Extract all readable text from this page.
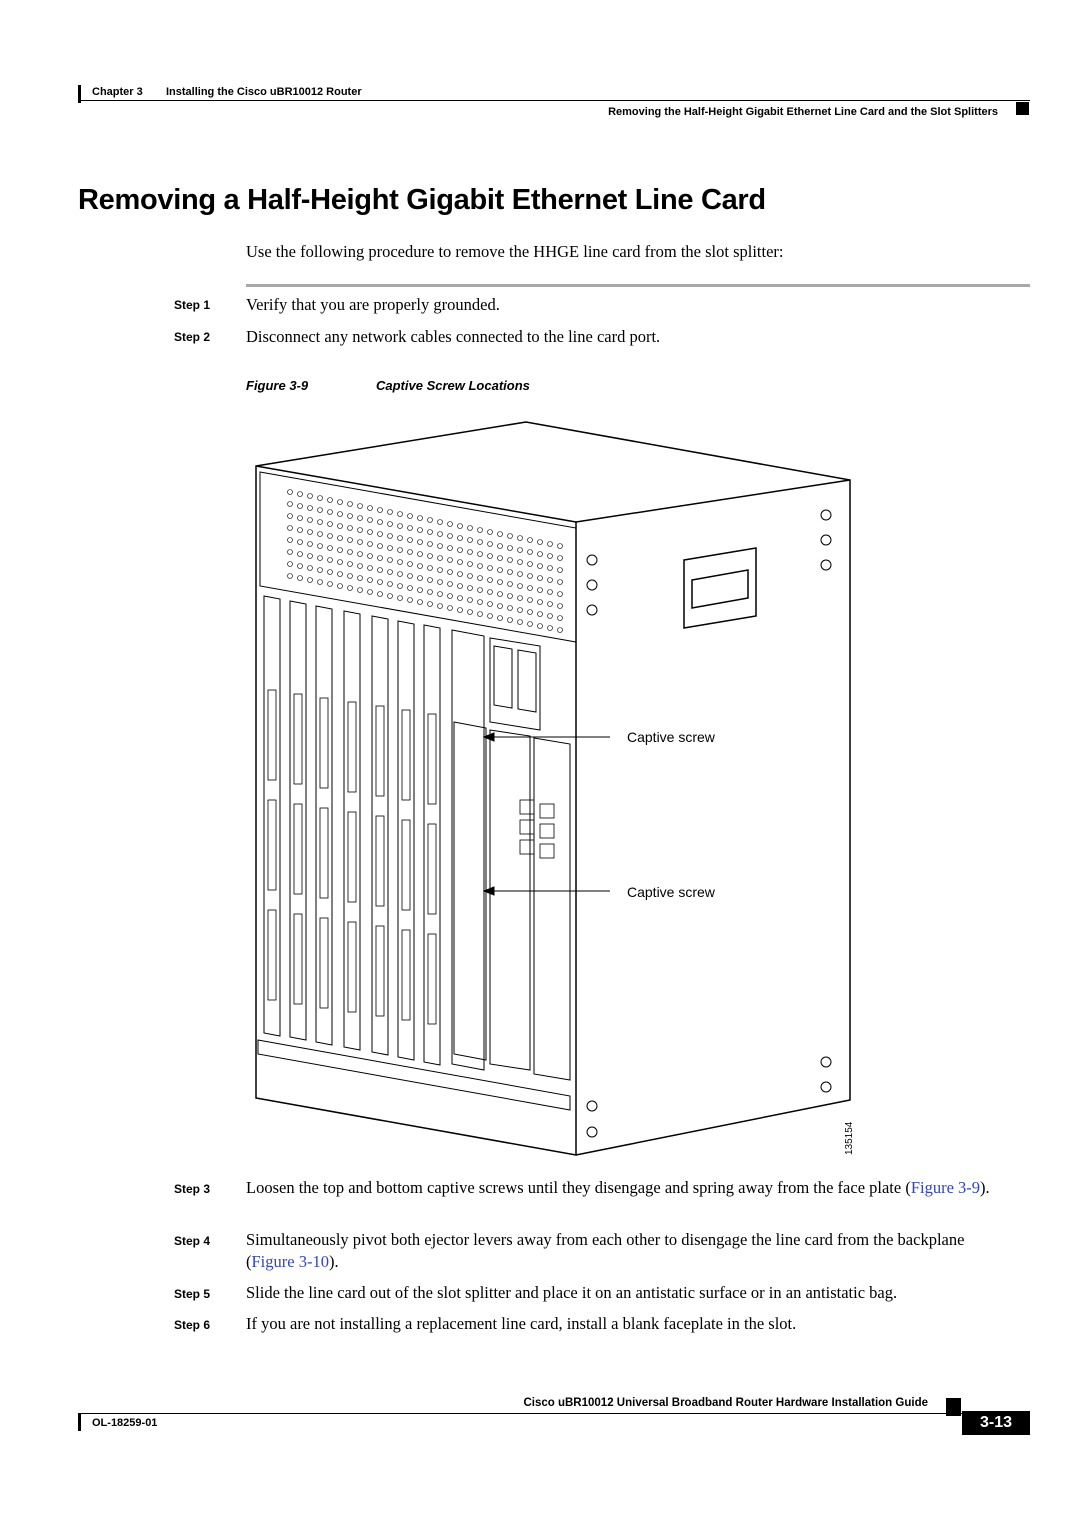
Chapter 3 Installing the Cisco uBR10012 Router
Removing the Half-Height Gigabit Ethernet Line Card and the Slot Splitters
Removing a Half-Height Gigabit Ethernet Line Card
Use the following procedure to remove the HHGE line card from the slot splitter:
Step 1 Verify that you are properly grounded.
Step 2 Disconnect any network cables connected to the line card port.
Figure 3-9	Captive Screw Locations
Captive screw
Captive screw
135154
Step 3 Loosen the top and bottom captive screws until they disengage and spring away from the face plate (Figure 3-9).
Step 4 Simultaneously pivot both ejector levers away from each other to disengage the line card from the backplane (Figure 3-10).
Step 5 Slide the line card out of the slot splitter and place it on an antistatic surface or in an antistatic bag.
Step 6 If you are not installing a replacement line card, install a blank faceplate in the slot.
Cisco uBR10012 Universal Broadband Router Hardware Installation Guide
OL-18259-01	3-13
